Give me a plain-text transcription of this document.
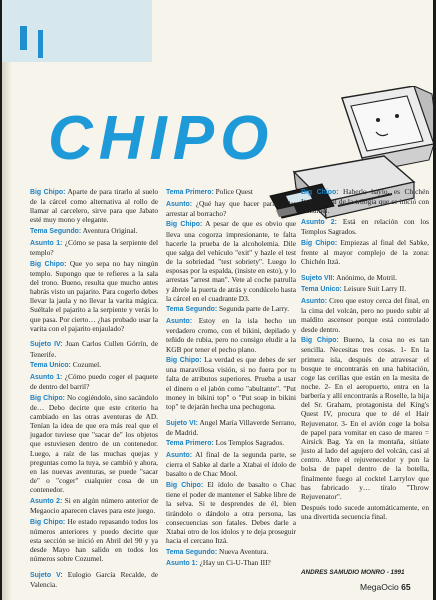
CHIPO

Big Chipo: Aparte de para tirarlo al suelo de la cárcel como alternativa al rollo de llamar al carcelero, sirve para que Jabato esté muy mono y elegante.

Tema Segundo: Aventura Original.

Asunto 1: ¿Cómo se pasa la serpiente del templo?

Big Chipo: Que yo sepa no hay ningún templo. Supongo que te refieres a la sala del trono. Bueno, resulta que mucho antes habrás visto un pajarito. Para cogerlo debes llevar la jaula y no llevar la varita mágica. Suéltale el pajarito a la serpiente y verás lo que pasa. Por cierto… ¿has probado usar la varita con el pajarito enjaulado?

Sujeto IV: Juan Carlos Cullen Górrín, de Tenerife.

Tema Unico: Cozumel.

Asunto 1: ¿Cómo puedo coger el paquete de dentro del barril?

Big Chipo: No cogiéndolo, sino sacándolo de… Debo decirte que este criterio ha cambiado en las otras aventuras de AD. Tenían la idea de que era más real que el jugador tuviese que "sacar de" los objetos que estuviesen dentro de un contenedor. Luego, a raíz de las muchas quejas y preguntas como la tuya, se cambió y ahora, en las nuevas aventuras, se puede "sacar de" o "coger" cualquier cosa de un contenedor.

Asunto 2: Si en algún número anterior de Megaocio aparecen claves para este juego.

Big Chipo: He estado repasando todos los números anteriores y puedo decirte que esta sección se inició en Abril del 90 y ya desde Mayo han salido en todos los números sobre Cozumel.

Sujeto V: Eulogio García Recalde, de Valencia.

Tema Primero: Police Quest

Asunto: ¿Qué hay que hacer para poder arrestar al borracho?

Big Chipo: A pesar de que es obvio que lleva una cogorza impresionante, te falta hacerle la prueba de la alcoholemia. Dile que salga del vehículo "exit" y hazle el test de la sobriedad "test sobriety". Luego lo esposas por la espalda, (insiste en esto), y lo arrestas "arrest man". Vete al coche patrulla y ábrele la puerta de atrás y condúcelo hasta la cárcel en el cuadrante D3.

Tema Segundo: Segunda parte de Larry.

Asunto: Estoy en la isla hecho un verdadero cromo, con el bikini, depilado y teñido de rubia, pero no consigo eludir a la KGB por tener el pecho plano.

Big Chipo: La verdad es que debes de ser una maravillosa visión, si no fuera por tu falta de atributos superiores. Prueba a usar el dinero o el jabón como "abultante". "Put money in bikini top" o "Put soap in bikini top" te dejarán hecha una pechugona.

Sujeto VI: Angel María Villaverde Serrano, de Madrid.

Tema Primero: Los Templos Sagrados.

Asunto: Al final de la segunda parte, se cierra el Sabke al darle a Xtabai el ídolo de basalto o de Chac Mool.

Big Chipo: El ídolo de basalto o Chac tiene el poder de mantener el Sabke libre de la selva. Si te desprendes de él, bien tirándolo o dándolo a otra persona, las consecuencias son fatales. Debes darle a Xtabai otro de los ídolos y te deja proseguir hacia el cercano Itzá.

Tema Segundo: Nueva Aventura.

Asunto 1: ¿Hay un Ci-U-Than III?

Big Chipo: Haberlo haylo, es Chichén Itzá, el final de la trilogía que se inició con Cozumel.

Asunto 2: Está en relación con los Templos Sagrados.

Big Chipo: Empiezas al final del Sabke, frente al mayor complejo de la zona: Chichén Itzá.

Sujeto VII: Anónimo, de Motril.

Tema Unico: Leisure Suit Larry II.

Asunto: Creo que estoy cerca del final, en la cima del volcán, pero no puedo subir al maldito ascensor porque está controlado desde dentro.

Big Chipo: Bueno, la cosa no es tan sencilla. Necesitas tres cosas. 1- En la primera isla, después de atravesar el bosque te encontrarás en una habitación, coge las cerillas que están en la mesita de noche. 2- En el aeropuerto, entra en la barbería y allí encontrarás a Roselle, la hija del Sr. Graham, protagonista del King's Quest IV, procura que te dé el Hair Rejuvenator. 3- En el avión coge la bolsa de papel para vomitar en caso de mareo = Airsick Bag. Ya en la montaña, sitúate justo al lado del agujero del volcán, casi al centro. Abre el rejuvenecedor y pon la bolsa de papel dentro de la botella, finalmente fuego al cocktel Larrylov que has fabricado y… tíralo "Throw Rejuvenator".

Después todo sucede automáticamente, en una divertida secuencia final.

ANDRES SAMUDIO MONRO - 1991
MegaOcio 65
